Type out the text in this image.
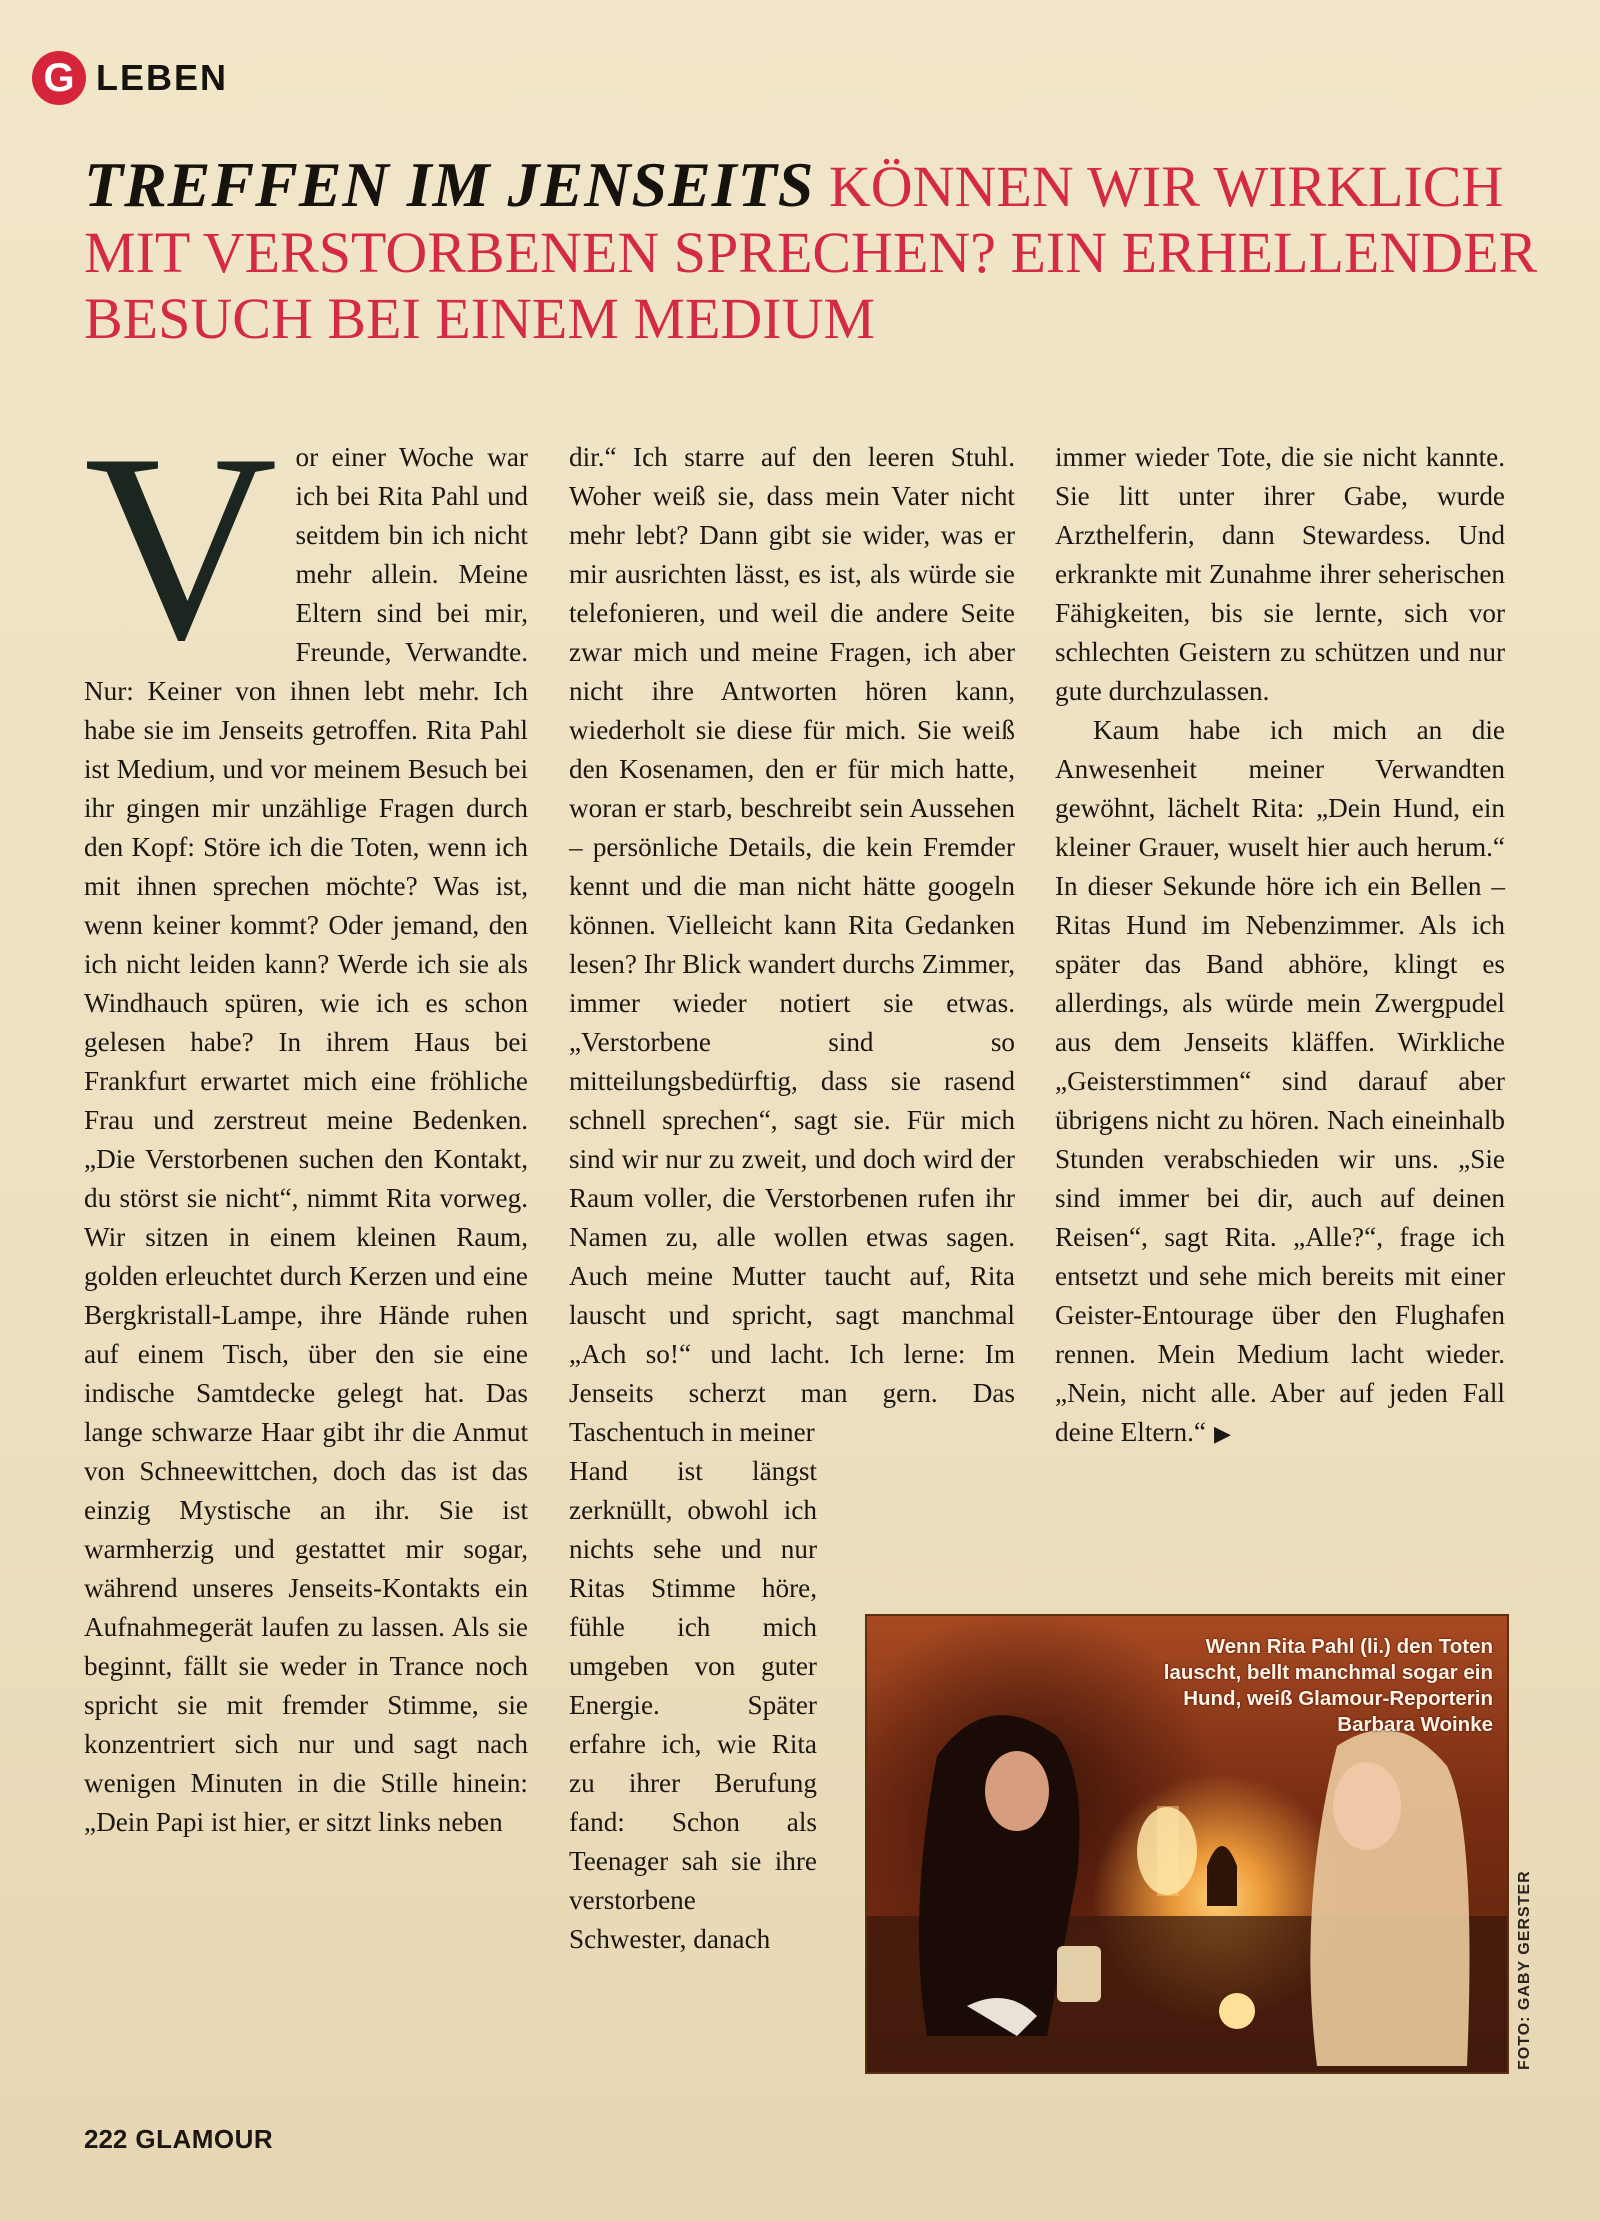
G LEBEN
TREFFEN IM JENSEITS KÖNNEN WIR WIRKLICH MIT VERSTORBENEN SPRECHEN? EIN ERHELLENDER BESUCH BEI EINEM MEDIUM
V or einer Woche war ich bei Rita Pahl und seitdem bin ich nicht mehr allein. Meine Eltern sind bei mir, Freunde, Verwandte. Nur: Keiner von ihnen lebt mehr. Ich habe sie im Jenseits getroffen. Rita Pahl ist Medium, und vor meinem Besuch bei ihr gingen mir unzählige Fragen durch den Kopf: Störe ich die Toten, wenn ich mit ihnen sprechen möchte? Was ist, wenn keiner kommt? Oder jemand, den ich nicht leiden kann? Werde ich sie als Windhauch spüren, wie ich es schon gelesen habe? In ihrem Haus bei Frankfurt erwartet mich eine fröhliche Frau und zerstreut meine Bedenken. „Die Verstorbenen suchen den Kontakt, du störst sie nicht“, nimmt Rita vorweg. Wir sitzen in einem kleinen Raum, golden erleuchtet durch Kerzen und eine Bergkristall-Lampe, ihre Hände ruhen auf einem Tisch, über den sie eine indische Samtdecke gelegt hat. Das lange schwarze Haar gibt ihr die Anmut von Schneewittchen, doch das ist das einzig Mystische an ihr. Sie ist warmherzig und gestattet mir sogar, während unseres Jenseits-Kontakts ein Aufnahmegerät laufen zu lassen. Als sie beginnt, fällt sie weder in Trance noch spricht sie mit fremder Stimme, sie konzentriert sich nur und sagt nach wenigen Minuten in die Stille hinein: „Dein Papi ist hier, er sitzt links neben

dir.“ Ich starre auf den leeren Stuhl. Woher weiß sie, dass mein Vater nicht mehr lebt? Dann gibt sie wider, was er mir ausrichten lässt, es ist, als würde sie telefonieren, und weil die andere Seite zwar mich und meine Fragen, ich aber nicht ihre Antworten hören kann, wiederholt sie diese für mich. Sie weiß den Kosenamen, den er für mich hatte, woran er starb, beschreibt sein Aussehen – persönliche Details, die kein Fremder kennt und die man nicht hätte googeln können. Vielleicht kann Rita Gedanken lesen? Ihr Blick wandert durchs Zimmer, immer wieder notiert sie etwas. „Verstorbene sind so mitteilungsbedürftig, dass sie rasend schnell sprechen“, sagt sie. Für mich sind wir nur zu zweit, und doch wird der Raum voller, die Verstorbenen rufen ihr Namen zu, alle wollen etwas sagen. Auch meine Mutter taucht auf, Rita lauscht und spricht, sagt manchmal „Ach so!“ und lacht. Ich lerne: Im Jenseits scherzt man gern. Das Taschentuch in meiner

Hand ist längst zerknüllt, obwohl ich nichts sehe und nur Ritas Stimme höre, fühle ich mich umgeben von guter Energie. Später erfahre ich, wie Rita zu ihrer Berufung fand: Schon als Teenager sah sie ihre verstorbene Schwester, danach

immer wieder Tote, die sie nicht kannte. Sie litt unter ihrer Gabe, wurde Arzthelferin, dann Stewardess. Und erkrankte mit Zunahme ihrer seherischen Fähigkeiten, bis sie lernte, sich vor schlechten Geistern zu schützen und nur gute durchzulassen.

Kaum habe ich mich an die Anwesenheit meiner Verwandten gewöhnt, lächelt Rita: „Dein Hund, ein kleiner Grauer, wuselt hier auch herum.“ In dieser Sekunde höre ich ein Bellen – Ritas Hund im Nebenzimmer. Als ich später das Band abhöre, klingt es allerdings, als würde mein Zwergpudel aus dem Jenseits kläffen. Wirkliche „Geisterstimmen“ sind darauf aber übrigens nicht zu hören. Nach eineinhalb Stunden verabschieden wir uns. „Sie sind immer bei dir, auch auf deinen Reisen“, sagt Rita. „Alle?“, frage ich entsetzt und sehe mich bereits mit einer Geister-Entourage über den Flughafen rennen. Mein Medium lacht wieder. „Nein, nicht alle. Aber auf jeden Fall deine Eltern.“ ▶

Wenn Rita Pahl (li.) den Toten lauscht, bellt manchmal sogar ein Hund, weiß Glamour-Reporterin Barbara Woinke
FOTO: GABY GERSTER
222 GLAMOUR
